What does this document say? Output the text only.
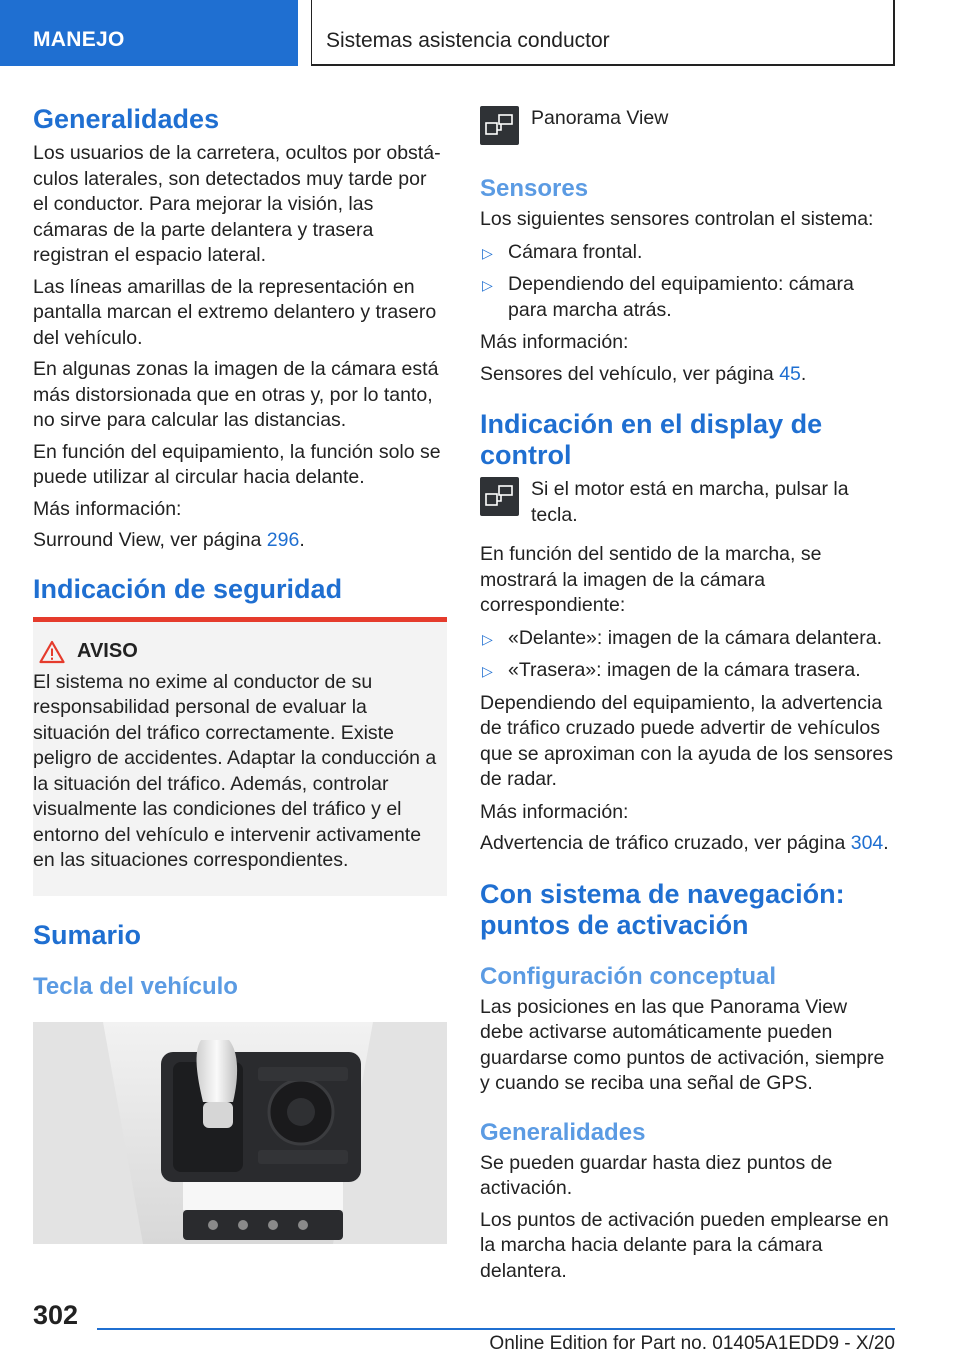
MANEJO	Sistemas asistencia conductor
Generalidades

Los usuarios de la carretera, ocultos por obstáculos laterales, son detectados muy tarde por el conductor. Para mejorar la visión, las cámaras de la parte delantera y trasera registran el espacio lateral.

Las líneas amarillas de la representación en pantalla marcan el extremo delantero y trasero del vehículo.

En algunas zonas la imagen de la cámara está más distorsionada que en otras y, por lo tanto, no sirve para calcular las distancias.

En función del equipamiento, la función solo se puede utilizar al circular hacia delante.

Más información:

Surround View, ver página 296.

Indicación de seguridad
AVISO

El sistema no exime al conductor de su responsabilidad personal de evaluar la situación del tráfico correctamente. Existe peligro de accidentes. Adaptar la conducción a la situación del tráfico. Además, controlar visualmente las condiciones del tráfico y el entorno del vehículo e intervenir activamente en las situaciones correspondientes.

Sumario
Tecla del vehículo
Panorama View
Sensores

Los siguientes sensores controlan el sistema:

▷ Cámara frontal.
▷ Dependiendo del equipamiento: cámara para marcha atrás.

Más información:

Sensores del vehículo, ver página 45.

Indicación en el display de control
Si el motor está en marcha, pulsar la tecla.

En función del sentido de la marcha, se mostrará la imagen de la cámara correspondiente:

▷ «Delante»: imagen de la cámara delantera.
▷ «Trasera»: imagen de la cámara trasera.

Dependiendo del equipamiento, la advertencia de tráfico cruzado puede advertir de vehículos que se aproximan con la ayuda de los sensores de radar.

Más información:

Advertencia de tráfico cruzado, ver página 304.

Con sistema de navegación: puntos de activación
Configuración conceptual

Las posiciones en las que Panorama View debe activarse automáticamente pueden guardarse como puntos de activación, siempre y cuando se reciba una señal de GPS.

Generalidades

Se pueden guardar hasta diez puntos de activación.

Los puntos de activación pueden emplearse en la marcha hacia delante para la cámara delantera.

302
Online Edition for Part no. 01405A1EDD9 - X/20
